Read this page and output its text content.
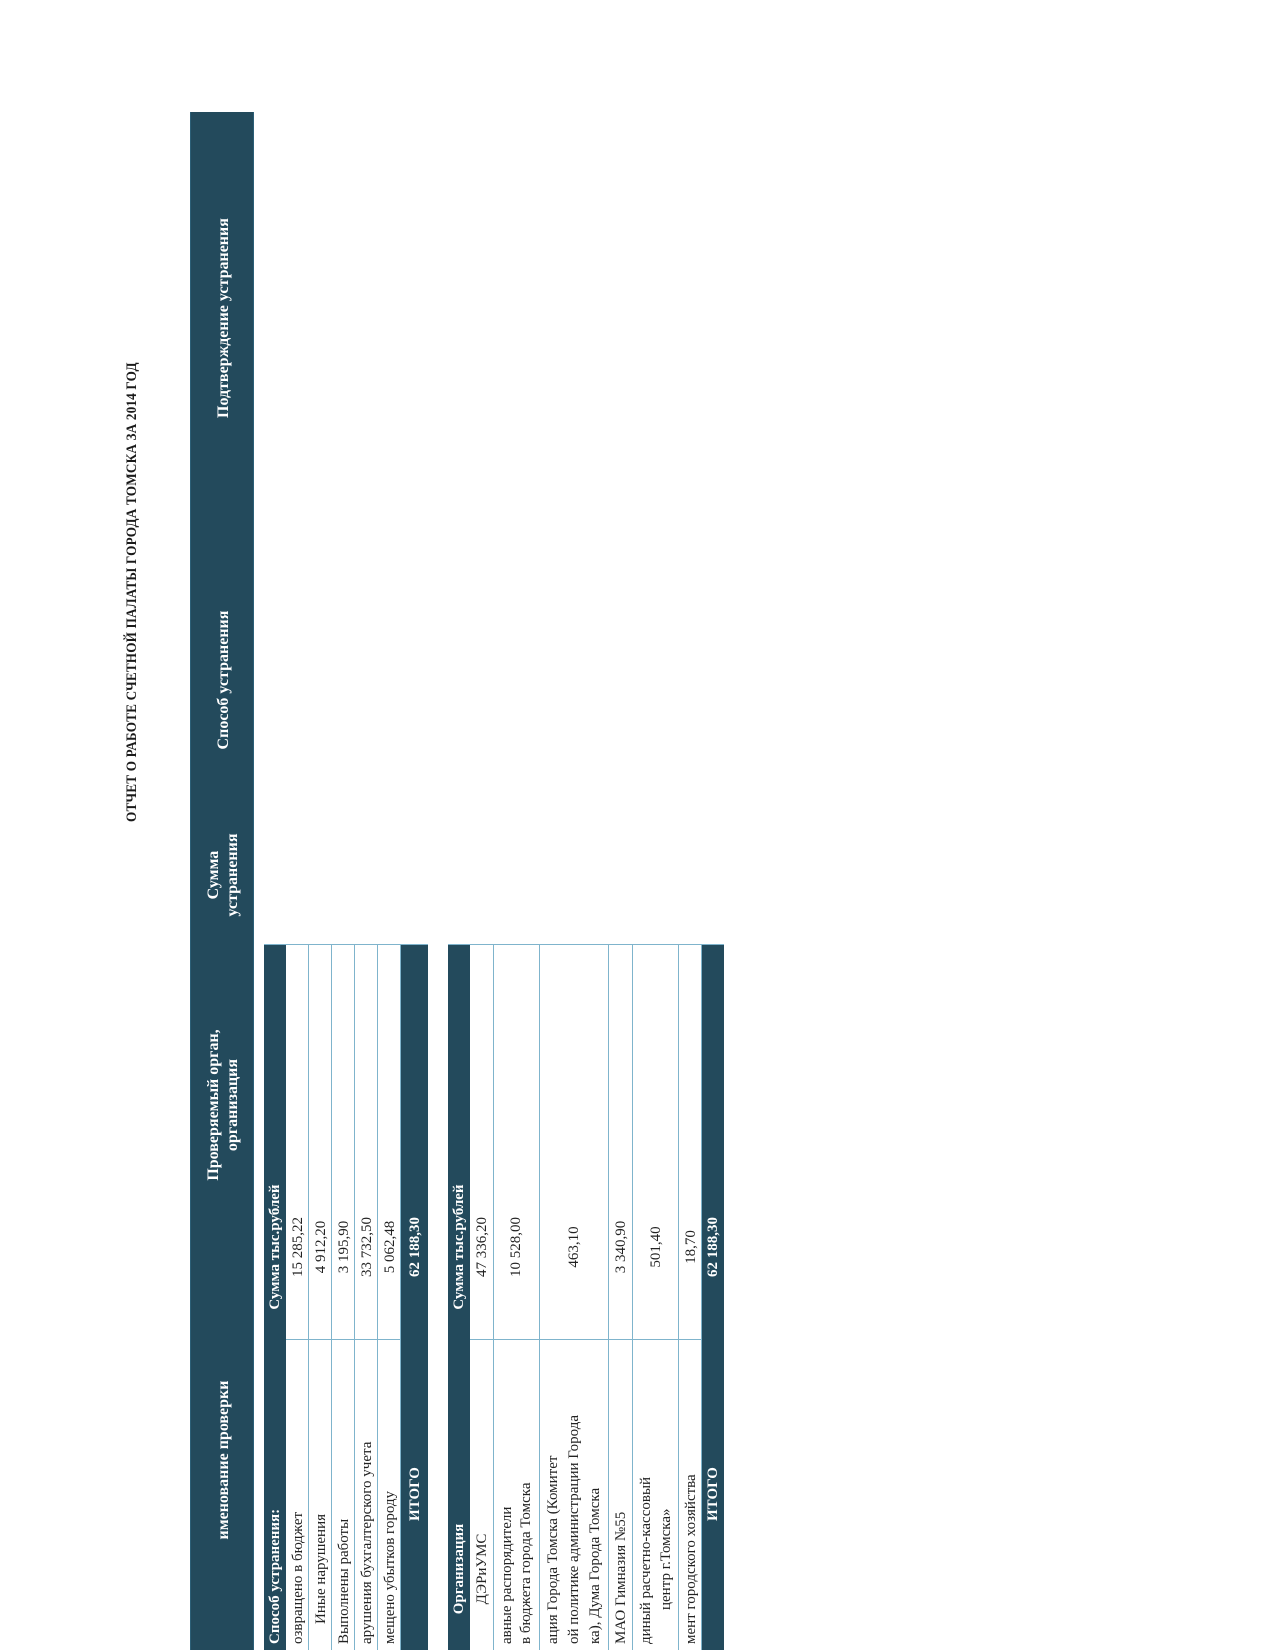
ОТЧЕТ О РАБОТЕ СЧЕТНОЙ ПАЛАТЫ ГОРОДА ТОМСКА ЗА 2014 ГОД
именование проверки
Проверяемый орган, организация
Сумма устранения
Способ устранения
Подтверждение устранения
Способ устранения:
Сумма тыс.рублей
озвращено в бюджет
15 285,22
Иные нарушения
4 912,20
Выполнены работы
3 195,90
арушения бухгалтерского учета
33 732,50
мещено убытков городу
5 062,48
ИТОГО
62 188,30
Организация
Сумма тыс.рублей
ДЭРиУМС
47 336,20
авные распорядители в бюджета города Томска
10 528,00
ация Города Томска (Комитет ой политике администрации Города ка), Дума Города Томска
463,10
МАО Гимназия №55
3 340,90
диный расчетно-кассовый центр г.Томска»
501,40
мент городского хозяйства
18,70
ИТОГО
62 188,30
